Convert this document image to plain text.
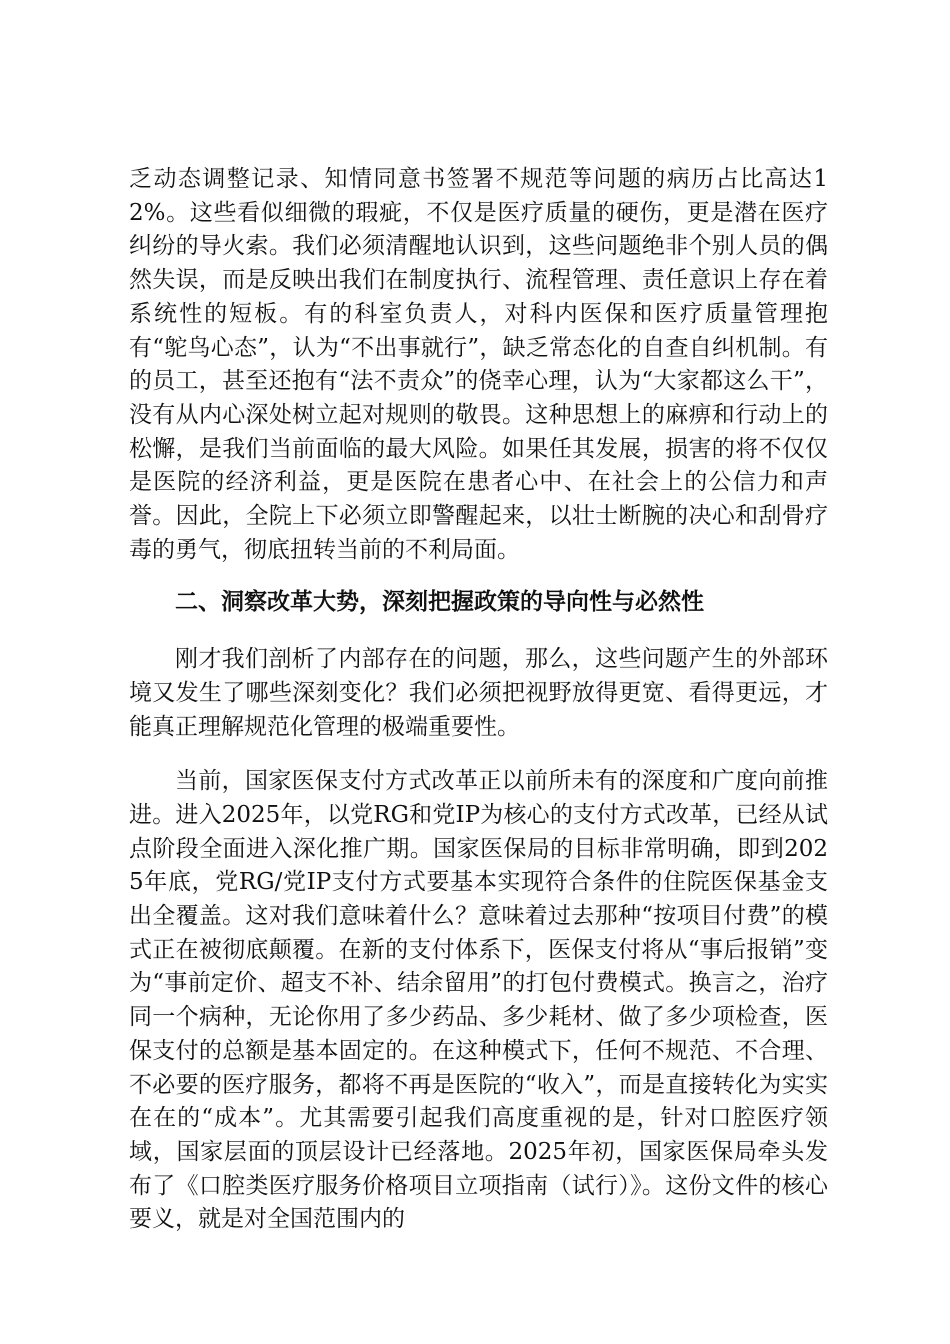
乏动态调整记录、知情同意书签署不规范等问题的病历占比高达12%。这些看似细微的瑕疵，不仅是医疗质量的硬伤，更是潜在医疗纠纷的导火索。我们必须清醒地认识到，这些问题绝非个别人员的偶然失误，而是反映出我们在制度执行、流程管理、责任意识上存在着系统性的短板。有的科室负责人，对科内医保和医疗质量管理抱有“鸵鸟心态”，认为“不出事就行”，缺乏常态化的自查自纠机制。有的员工，甚至还抱有“法不责众”的侥幸心理，认为“大家都这么干”，没有从内心深处树立起对规则的敬畏。这种思想上的麻痹和行动上的松懈，是我们当前面临的最大风险。如果任其发展，损害的将不仅仅是医院的经济利益，更是医院在患者心中、在社会上的公信力和声誉。因此，全院上下必须立即警醒起来，以壮士断腕的决心和刮骨疗毒的勇气，彻底扭转当前的不利局面。

二、洞察改革大势，深刻把握政策的导向性与必然性

刚才我们剖析了内部存在的问题，那么，这些问题产生的外部环境又发生了哪些深刻变化？我们必须把视野放得更宽、看得更远，才能真正理解规范化管理的极端重要性。

当前，国家医保支付方式改革正以前所未有的深度和广度向前推进。进入2025年，以党RG和党IP为核心的支付方式改革，已经从试点阶段全面进入深化推广期。国家医保局的目标非常明确，即到2025年底，党RG/党IP支付方式要基本实现符合条件的住院医保基金支出全覆盖。这对我们意味着什么？意味着过去那种“按项目付费”的模式正在被彻底颠覆。在新的支付体系下，医保支付将从“事后报销”变为“事前定价、超支不补、结余留用”的打包付费模式。换言之，治疗同一个病种，无论你用了多少药品、多少耗材、做了多少项检查，医保支付的总额是基本固定的。在这种模式下，任何不规范、不合理、不必要的医疗服务，都将不再是医院的“收入”，而是直接转化为实实在在的“成本”。尤其需要引起我们高度重视的是，针对口腔医疗领域，国家层面的顶层设计已经落地。2025年初，国家医保局牵头发布了《口腔类医疗服务价格项目立项指南（试行）》。这份文件的核心要义，就是对全国范围内的
